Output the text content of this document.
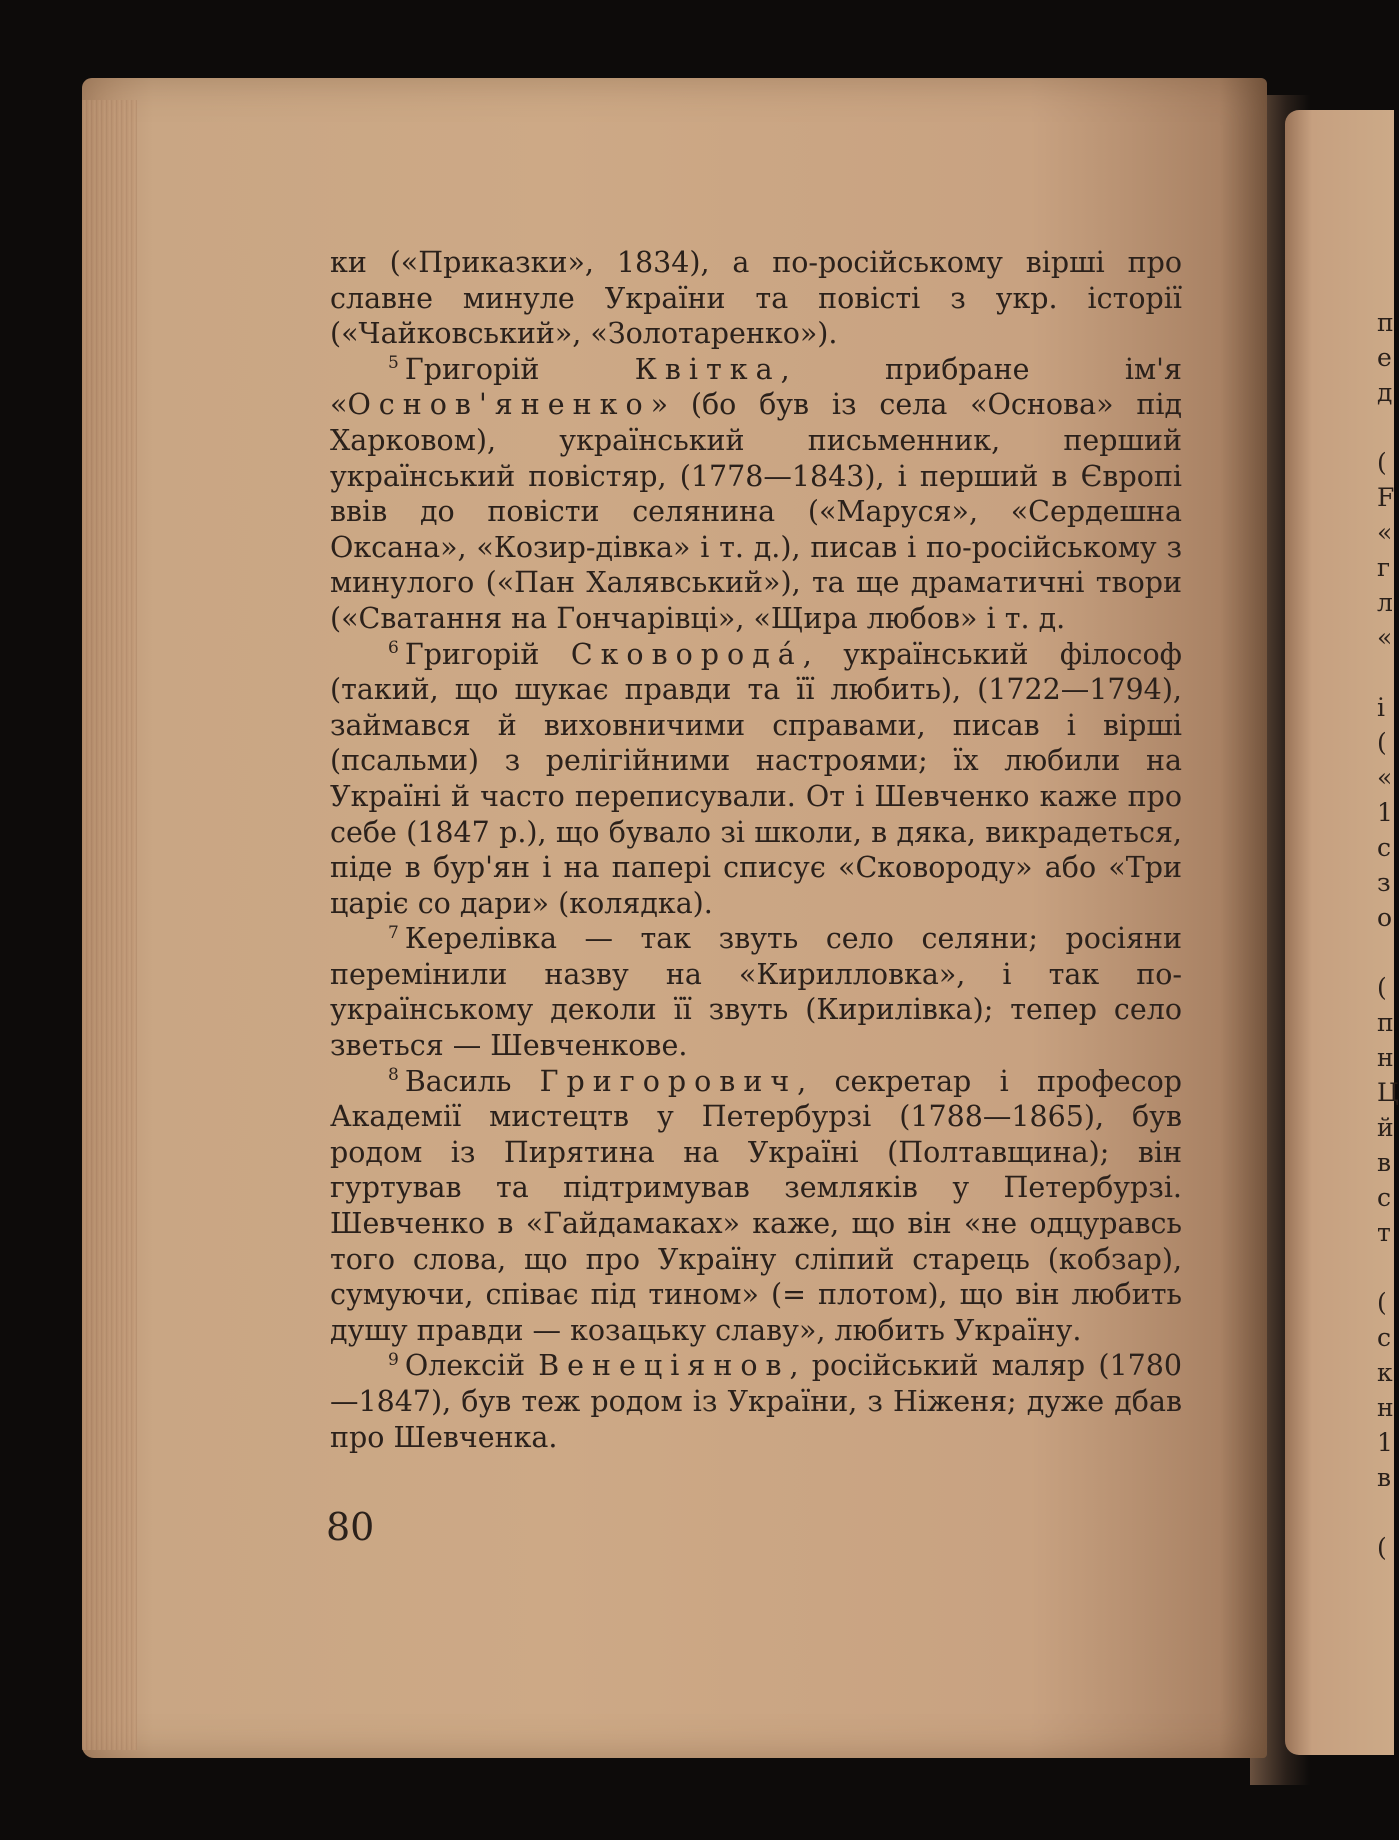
ки («Приказки», 1834), а по-російському вірші про славне минуле України та повісті з укр. історії («Чайковський», «Золотаренко»).

$^5$ Григорій Квітка, прибране ім'я «Основ'яненко» (бо був із села «Основа» під Харковом), український письменник, перший український повістяр, (1778—1843), і перший в Європі ввів до повісти селянина («Маруся», «Сердешна Оксана», «Козир-дівка» і т. д.), писав і по-російському з минулого («Пан Халявський»), та ще драматичні твори («Сватання на Гончарівці», «Щира любов» і т. д.

$^6$ Григорій Сковорода́, український філософ (такий, що шукає правди та її любить), (1722—1794), займався й виховничими справами, писав і вірші (псальми) з релігійними настроями; їх любили на Україні й часто переписували. От і Шевченко каже про себе (1847 р.), що бувало зі школи, в дяка, викрадеться, піде в бур'ян і на папері списує «Сковороду» або «Три царіє со дари» (колядка).

$^7$ Керелівка — так звуть село селяни; росіяни перемінили назву на «Кирилловка», і так по-українському деколи її звуть (Кирилівка); тепер село зветься — Шевченкове.

$^8$ Василь Григорович, секретар і професор Академії мистецтв у Петербурзі (1788—1865), був родом із Пирятина на Україні (Полтавщина); він гуртував та підтримував земляків у Петербурзі. Шевченко в «Гайдамаках» каже, що він «не одцуравсь того слова, що про Україну сліпий старець (кобзар), сумуючи, співає під тином» (= плотом), що він любить душу правди — козацьку славу», любить Україну.

$^9$ Олексій Венеціянов, російський маляр (1780—1847), був теж родом із України, з Ніженя; дуже дбав про Шевченка.

80
п
е
д
(
F
«
г
л
«
і
(
«
1
с
з
о
(
п
н
Ц
й
в
с
т
(
с
к
н
1
в
(
